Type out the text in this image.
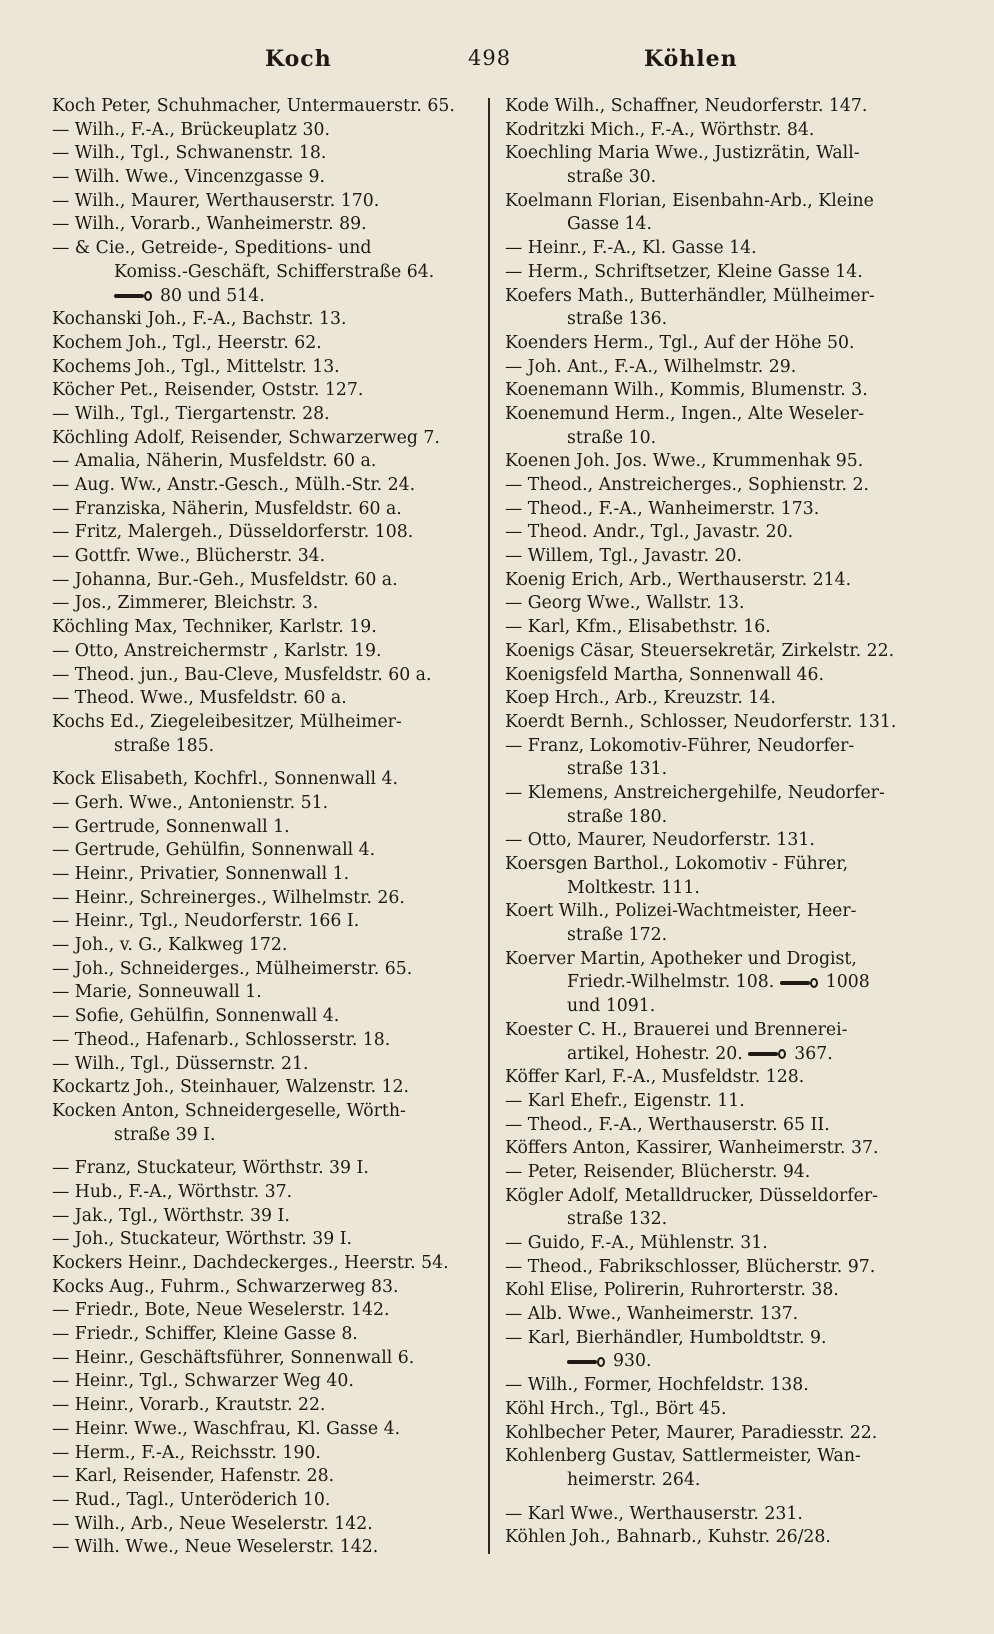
Koch	498	Köhlen
Koch Peter, Schuhmacher, Untermauerstr. 65.
— Wilh., F.-A., Brückeuplatz 30.
— Wilh., Tgl., Schwanenstr. 18.
— Wilh. Wwe., Vincenzgasse 9.
— Wilh., Maurer, Werthauserstr. 170.
— Wilh., Vorarb., Wanheimerstr. 89.
— & Cie., Getreide-, Speditions- und
Komiss.-Geschäft, Schifferstraße 64.
80 und 514.
Kochanski Joh., F.-A., Bachstr. 13.
Kochem Joh., Tgl., Heerstr. 62.
Kochems Joh., Tgl., Mittelstr. 13.
Köcher Pet., Reisender, Oststr. 127.
— Wilh., Tgl., Tiergartenstr. 28.
Köchling Adolf, Reisender, Schwarzerweg 7.
— Amalia, Näherin, Musfeldstr. 60 a.
— Aug. Ww., Anstr.-Gesch., Mülh.-Str. 24.
— Franziska, Näherin, Musfeldstr. 60 a.
— Fritz, Malergeh., Düsseldorferstr. 108.
— Gottfr. Wwe., Blücherstr. 34.
— Johanna, Bur.-Geh., Musfeldstr. 60 a.
— Jos., Zimmerer, Bleichstr. 3.
Köchling Max, Techniker, Karlstr. 19.
— Otto, Anstreichermstr , Karlstr. 19.
— Theod. jun., Bau-Cleve, Musfeldstr. 60 a.
— Theod. Wwe., Musfeldstr. 60 a.
Kochs Ed., Ziegeleibesitzer, Mülheimer-
straße 185.
Kock Elisabeth, Kochfrl., Sonnenwall 4.
— Gerh. Wwe., Antonienstr. 51.
— Gertrude, Sonnenwall 1.
— Gertrude, Gehülfin, Sonnenwall 4.
— Heinr., Privatier, Sonnenwall 1.
— Heinr., Schreinerges., Wilhelmstr. 26.
— Heinr., Tgl., Neudorferstr. 166 I.
— Joh., v. G., Kalkweg 172.
— Joh., Schneiderges., Mülheimerstr. 65.
— Marie, Sonneuwall 1.
— Sofie, Gehülfin, Sonnenwall 4.
— Theod., Hafenarb., Schlosserstr. 18.
— Wilh., Tgl., Düssernstr. 21.
Kockartz Joh., Steinhauer, Walzenstr. 12.
Kocken Anton, Schneidergeselle, Wörth-
straße 39 I.
— Franz, Stuckateur, Wörthstr. 39 I.
— Hub., F.-A., Wörthstr. 37.
— Jak., Tgl., Wörthstr. 39 I.
— Joh., Stuckateur, Wörthstr. 39 I.
Kockers Heinr., Dachdeckerges., Heerstr. 54.
Kocks Aug., Fuhrm., Schwarzerweg 83.
— Friedr., Bote, Neue Weselerstr. 142.
— Friedr., Schiffer, Kleine Gasse 8.
— Heinr., Geschäftsführer, Sonnenwall 6.
— Heinr., Tgl., Schwarzer Weg 40.
— Heinr., Vorarb., Krautstr. 22.
— Heinr. Wwe., Waschfrau, Kl. Gasse 4.
— Herm., F.-A., Reichsstr. 190.
— Karl, Reisender, Hafenstr. 28.
— Rud., Tagl., Unteröderich 10.
— Wilh., Arb., Neue Weselerstr. 142.
— Wilh. Wwe., Neue Weselerstr. 142.
Kode Wilh., Schaffner, Neudorferstr. 147.
Kodritzki Mich., F.-A., Wörthstr. 84.
Koechling Maria Wwe., Justizrätin, Wall-
straße 30.
Koelmann Florian, Eisenbahn-Arb., Kleine
Gasse 14.
— Heinr., F.-A., Kl. Gasse 14.
— Herm., Schriftsetzer, Kleine Gasse 14.
Koefers Math., Butterhändler, Mülheimer-
straße 136.
Koenders Herm., Tgl., Auf der Höhe 50.
— Joh. Ant., F.-A., Wilhelmstr. 29.
Koenemann Wilh., Kommis, Blumenstr. 3.
Koenemund Herm., Ingen., Alte Weseler-
straße 10.
Koenen Joh. Jos. Wwe., Krummenhak 95.
— Theod., Anstreicherges., Sophienstr. 2.
— Theod., F.-A., Wanheimerstr. 173.
— Theod. Andr., Tgl., Javastr. 20.
— Willem, Tgl., Javastr. 20.
Koenig Erich, Arb., Werthauserstr. 214.
— Georg Wwe., Wallstr. 13.
— Karl, Kfm., Elisabethstr. 16.
Koenigs Cäsar, Steuersekretär, Zirkelstr. 22.
Koenigsfeld Martha, Sonnenwall 46.
Koep Hrch., Arb., Kreuzstr. 14.
Koerdt Bernh., Schlosser, Neudorferstr. 131.
— Franz, Lokomotiv-Führer, Neudorfer-
straße 131.
— Klemens, Anstreichergehilfe, Neudorfer-
straße 180.
— Otto, Maurer, Neudorferstr. 131.
Koersgen Barthol., Lokomotiv - Führer,
Moltkestr. 111.
Koert Wilh., Polizei-Wachtmeister, Heer-
straße 172.
Koerver Martin, Apotheker und Drogist,
Friedr.-Wilhelmstr. 108.	1008
und 1091.
Koester C. H., Brauerei und Brennerei-
artikel, Hohestr. 20.	367.
Köffer Karl, F.-A., Musfeldstr. 128.
— Karl Ehefr., Eigenstr. 11.
— Theod., F.-A., Werthauserstr. 65 II.
Köffers Anton, Kassirer, Wanheimerstr. 37.
— Peter, Reisender, Blücherstr. 94.
Kögler Adolf, Metalldrucker, Düsseldorfer-
straße 132.
— Guido, F.-A., Mühlenstr. 31.
— Theod., Fabrikschlosser, Blücherstr. 97.
Kohl Elise, Polirerin, Ruhrorterstr. 38.
— Alb. Wwe., Wanheimerstr. 137.
— Karl, Bierhändler, Humboldtstr. 9.
930.
— Wilh., Former, Hochfeldstr. 138.
Köhl Hrch., Tgl., Bört 45.
Kohlbecher Peter, Maurer, Paradiesstr. 22.
Kohlenberg Gustav, Sattlermeister, Wan-
heimerstr. 264.
— Karl Wwe., Werthauserstr. 231.
Köhlen Joh., Bahnarb., Kuhstr. 26/28.
